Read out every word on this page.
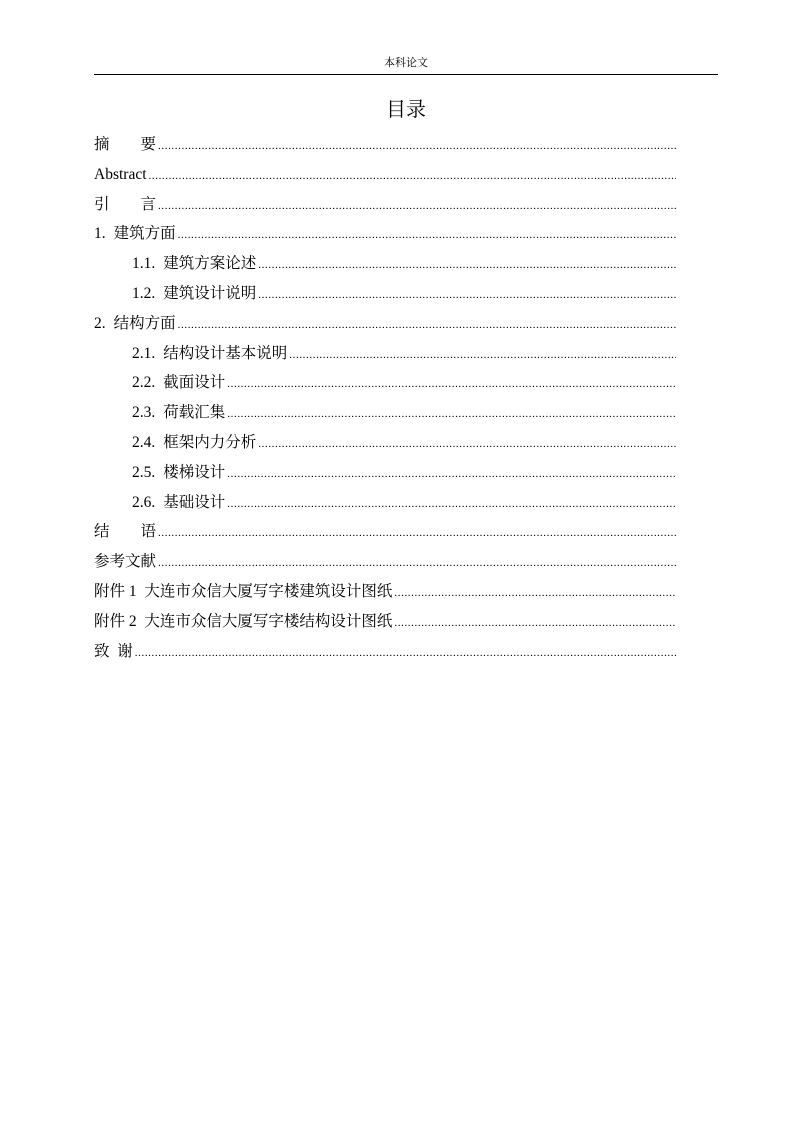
本科论文
目录
摘　　要
.....
Abstract
.....
引　　言
.....
1. 建筑方面
.....
1.1. 建筑方案论述
.....
1.2. 建筑设计说明
.....
2. 结构方面
.....
2.1. 结构设计基本说明
.....
2.2. 截面设计
.....
2.3. 荷载汇集
.....
2.4. 框架内力分析
.....
2.5. 楼梯设计
.....
2.6. 基础设计
.....
结　　语
.....
参考文献
.....
附件 1  大连市众信大厦写字楼建筑设计图纸
.....
附件 2  大连市众信大厦写字楼结构设计图纸
.....
致  谢
.....
